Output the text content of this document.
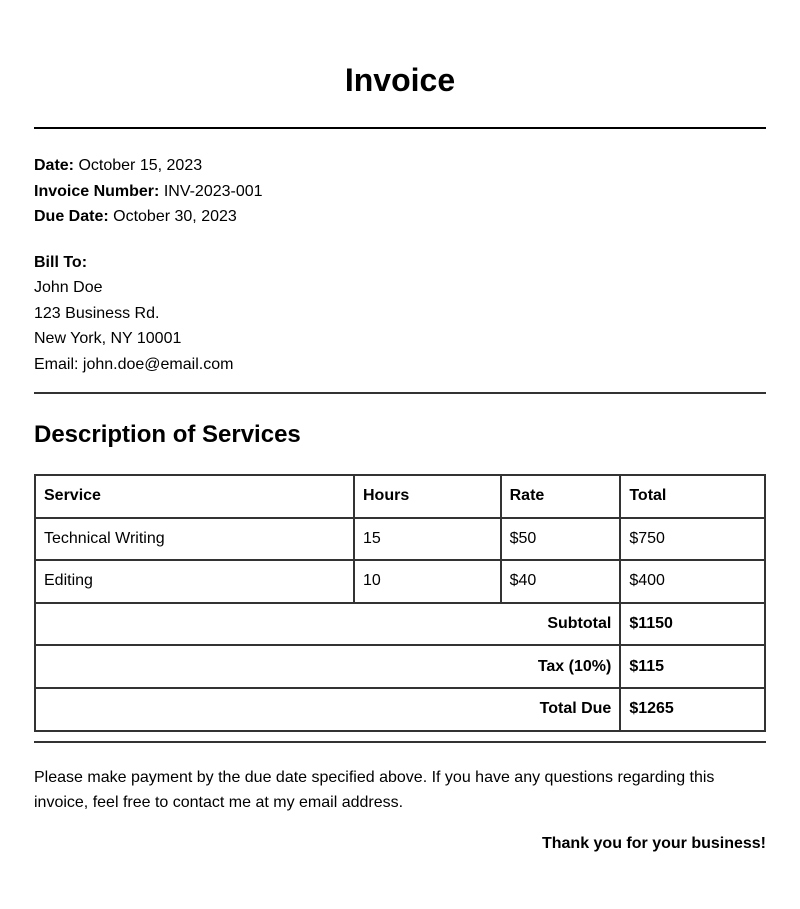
Invoice
Date: October 15, 2023
Invoice Number: INV-2023-001
Due Date: October 30, 2023
Bill To:
John Doe
123 Business Rd.
New York, NY 10001
Email: john.doe@email.com
Description of Services
Service	Hours	Rate	Total
Technical Writing	15	$50	$750
Editing	10	$40	$400
Subtotal			$1150
Tax (10%)			$115
Total Due			$1265

Please make payment by the due date specified above. If you have any questions regarding this invoice, feel free to contact me at my email address.

Thank you for your business!
